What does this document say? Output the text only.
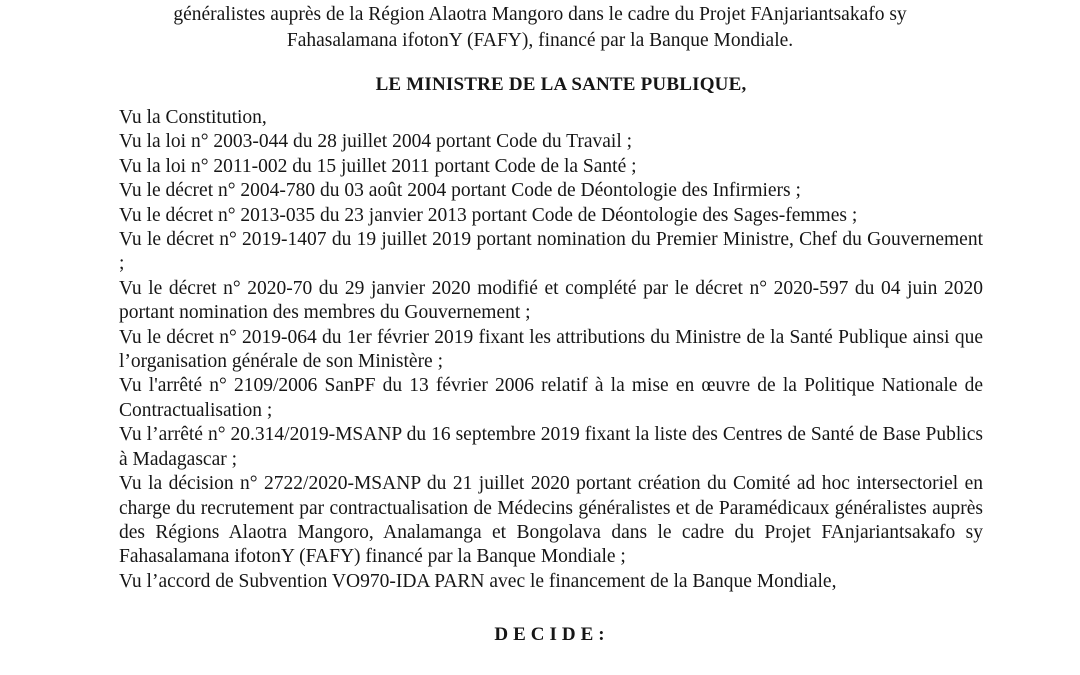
généralistes auprès de la Région Alaotra Mangoro dans le cadre du Projet FAnjariantsakafo sy
Fahasalamana ifotonY (FAFY), financé par la Banque Mondiale.
LE MINISTRE DE LA SANTE PUBLIQUE,
Vu la Constitution,
Vu la loi n° 2003-044 du 28 juillet 2004 portant Code du Travail ;
Vu la loi n° 2011-002 du 15 juillet 2011 portant Code de la Santé ;
Vu le décret n° 2004-780 du 03 août 2004 portant Code de Déontologie des Infirmiers ;
Vu le décret n° 2013-035 du 23 janvier 2013 portant Code de Déontologie des Sages-femmes ;
Vu le décret n° 2019-1407 du 19 juillet 2019 portant nomination du Premier Ministre, Chef du Gouvernement ;
Vu le décret n° 2020-70 du 29 janvier 2020 modifié et complété par le décret n° 2020-597 du 04 juin 2020 portant nomination des membres du Gouvernement ;
Vu le décret n° 2019-064 du 1er février 2019 fixant les attributions du Ministre de la Santé Publique ainsi que l’organisation générale de son Ministère ;
Vu l'arrêté n° 2109/2006 SanPF du 13 février 2006 relatif à la mise en œuvre de la Politique Nationale de Contractualisation ;
Vu l’arrêté n° 20.314/2019-MSANP du 16 septembre 2019 fixant la liste des Centres de Santé de Base Publics à Madagascar ;
Vu la décision n° 2722/2020-MSANP du 21 juillet 2020 portant création du Comité ad hoc intersectoriel en charge du recrutement par contractualisation de Médecins généralistes et de Paramédicaux généralistes auprès des Régions Alaotra Mangoro, Analamanga et Bongolava dans le cadre du Projet FAnjariantsakafo sy Fahasalamana ifotonY (FAFY) financé par la Banque Mondiale ;
Vu l’accord de Subvention VO970-IDA PARN avec le financement de la Banque Mondiale,
DECIDE:
